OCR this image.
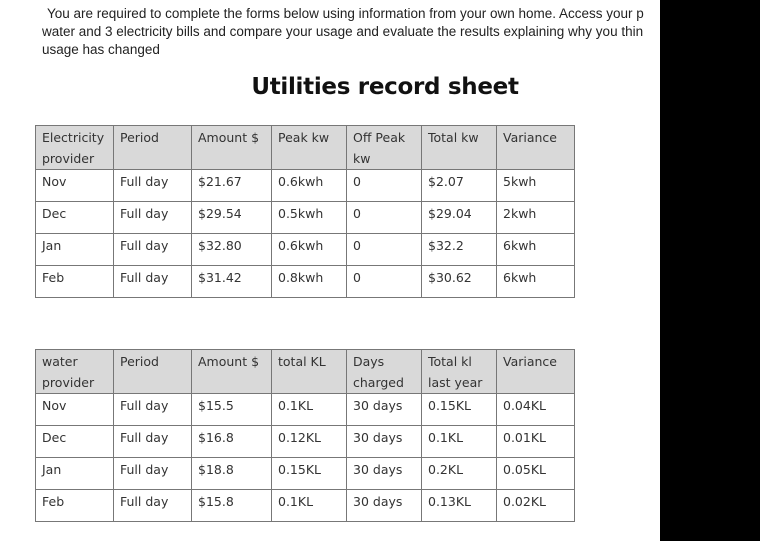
You are required to complete the forms below using information from your own home. Access your p
water and 3 electricity bills and compare your usage and evaluate the results explaining why you thin
usage has changed
Utilities record sheet
Electricity provider	Period	Amount $	Peak kw	Off Peak kw	Total kw	Variance
Nov	Full day	$21.67	0.6kwh	0	$2.07	5kwh
Dec	Full day	$29.54	0.5kwh	0	$29.04	2kwh
Jan	Full day	$32.80	0.6kwh	0	$32.2	6kwh
Feb	Full day	$31.42	0.8kwh	0	$30.62	6kwh
water provider	Period	Amount $	total KL	Days charged	Total kl last year	Variance
Nov	Full day	$15.5	0.1KL	30 days	0.15KL	0.04KL
Dec	Full day	$16.8	0.12KL	30 days	0.1KL	0.01KL
Jan	Full day	$18.8	0.15KL	30 days	0.2KL	0.05KL
Feb	Full day	$15.8	0.1KL	30 days	0.13KL	0.02KL
